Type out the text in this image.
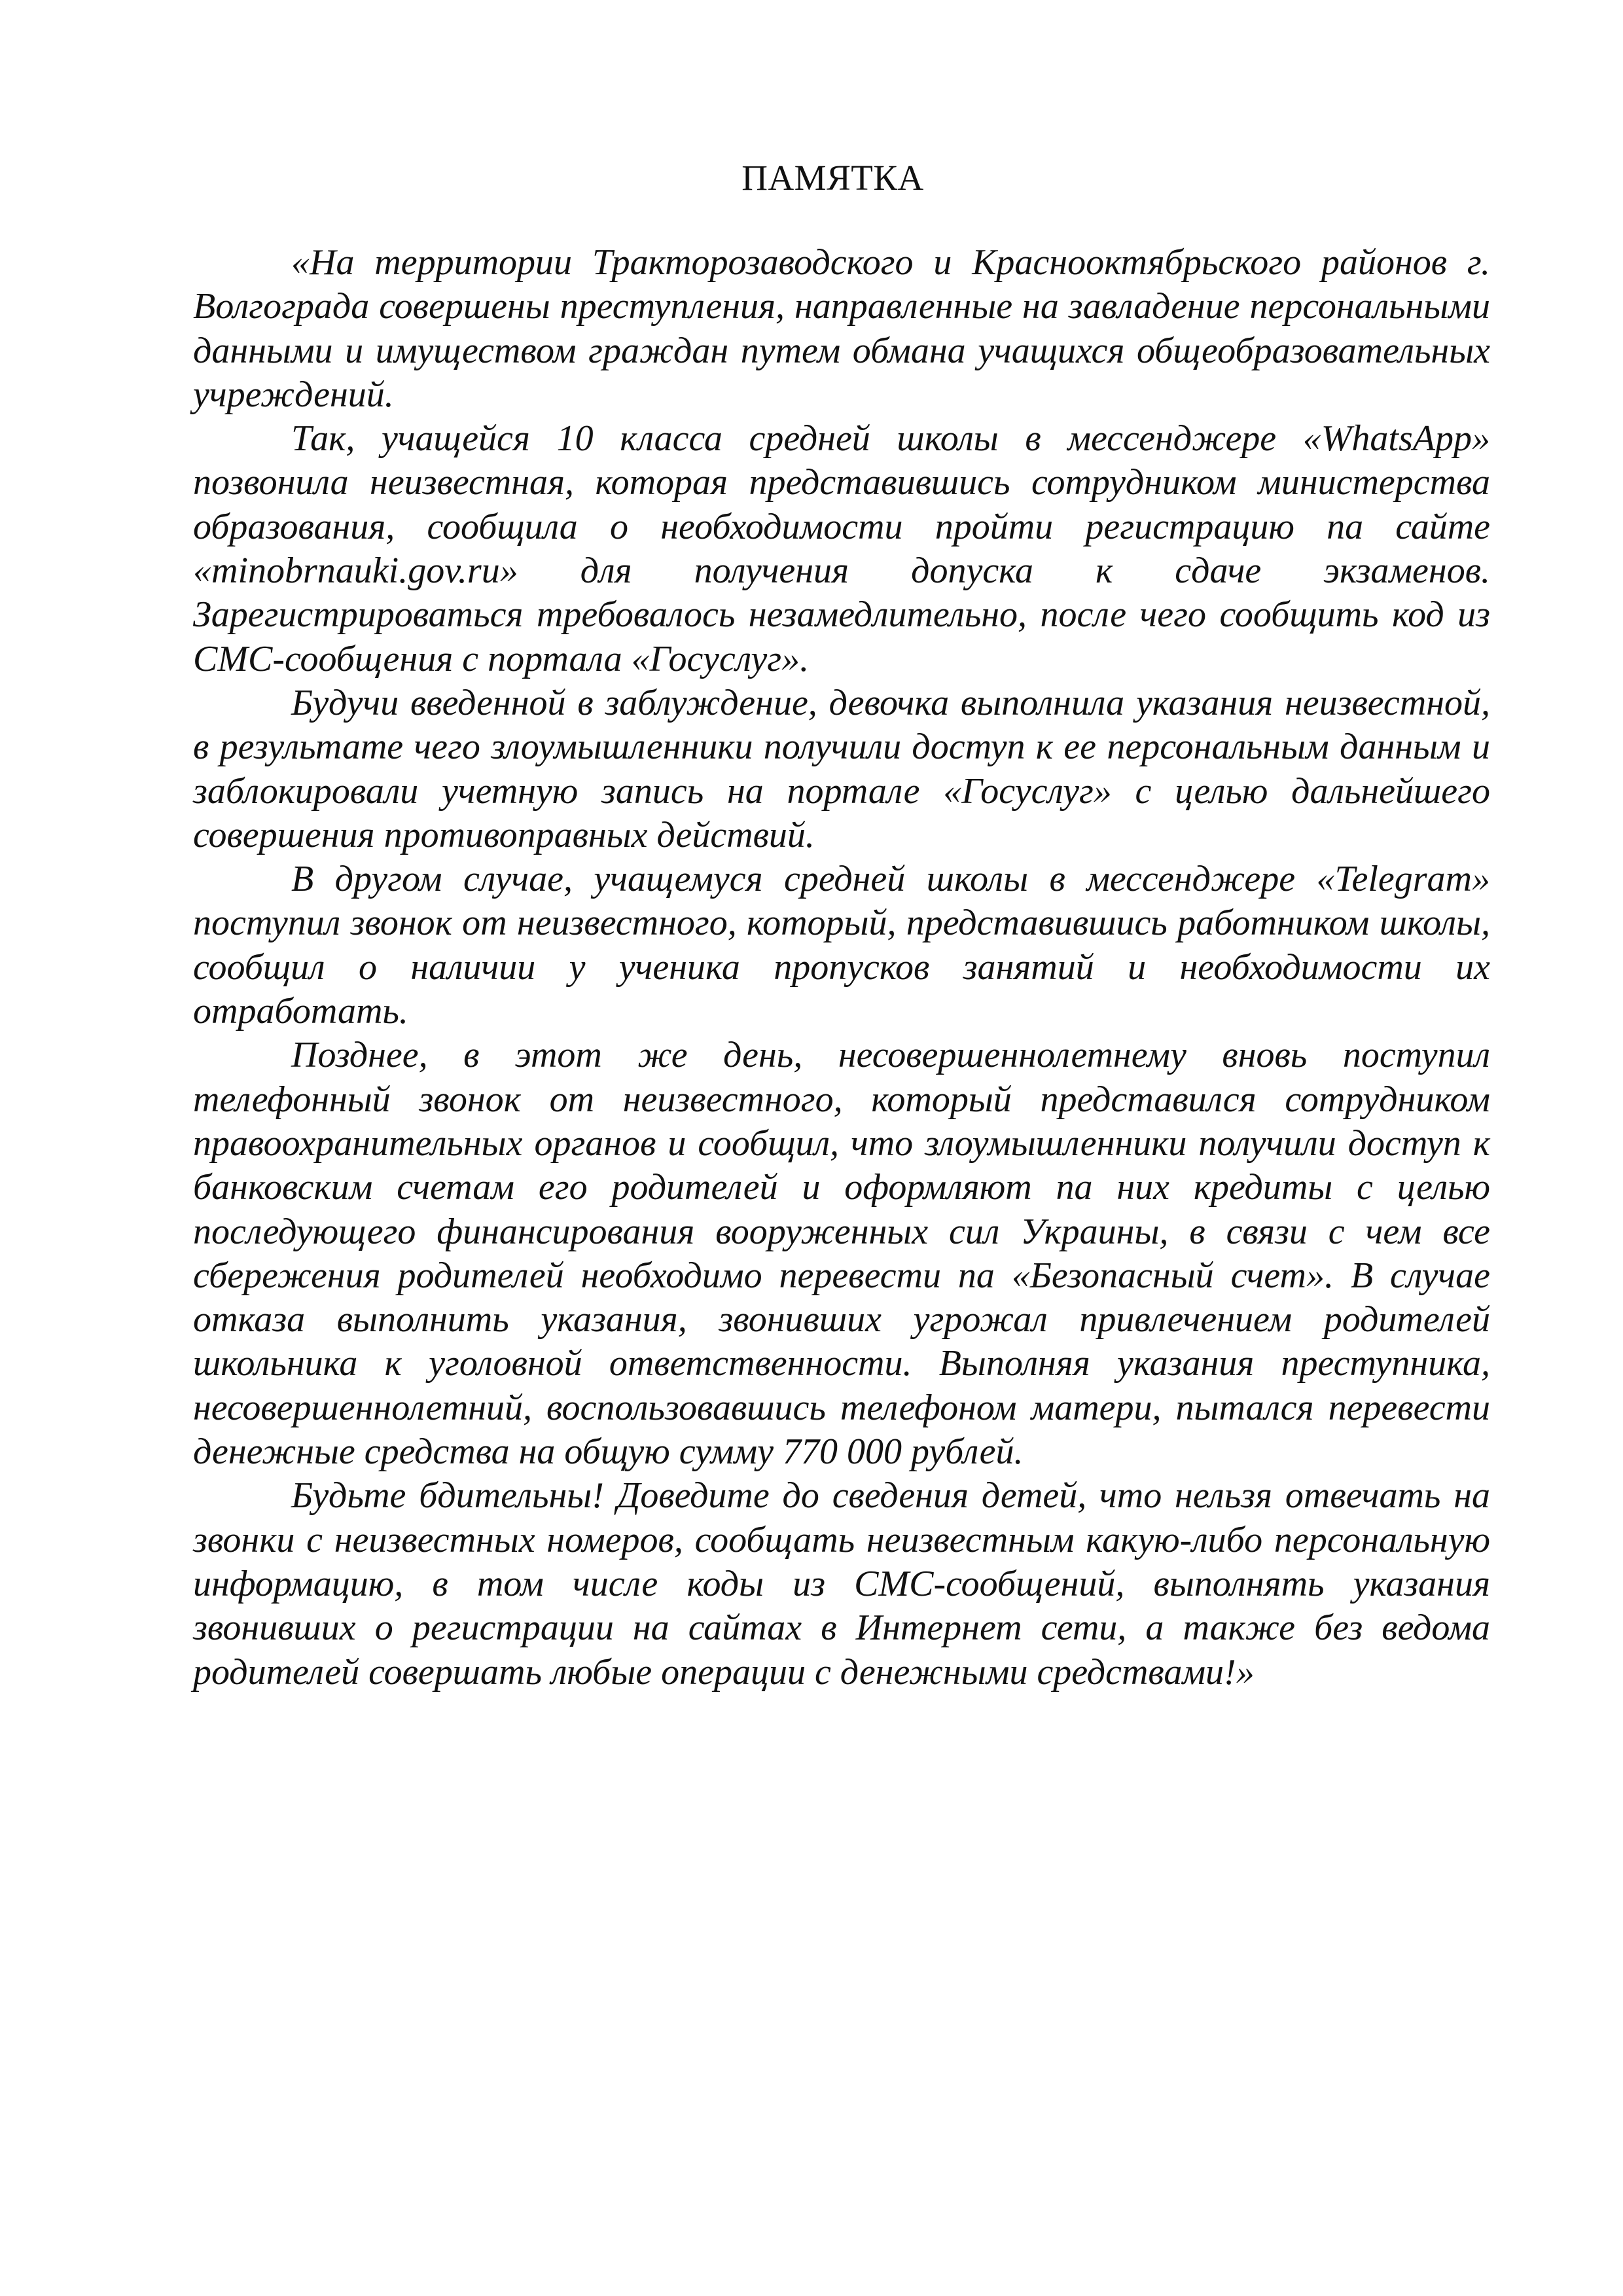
ПАМЯТКА

«На территории Тракторозаводского и Краснооктябрьского районов г. Волгограда совершены преступления, направленные на завладение персональными данными и имуществом граждан путем обмана учащихся общеобразовательных учреждений.

Так, учащейся 10 класса средней школы в мессенджере «WhatsApp» позвонила неизвестная, которая представившись сотрудником министерства образования, сообщила о необходимости пройти регистрацию па сайте «minobrnauki.gov.ru» для получения допуска к сдаче экзаменов. Зарегистрироваться требовалось незамедлительно, после чего сообщить код из СМС-сообщения с портала «Госуслуг».

Будучи введенной в заблуждение, девочка выполнила указания неизвестной, в результате чего злоумышленники получили доступ к ее персональным данным и заблокировали учетную запись на портале «Госуслуг» с целью дальнейшего совершения противоправных действий.

В другом случае, учащемуся средней школы в мессенджере «Telegram» поступил звонок от неизвестного, который, представившись работником школы, сообщил о наличии у ученика пропусков занятий и необходимости их отработать.

Позднее, в этот же день, несовершеннолетнему вновь поступил телефонный звонок от неизвестного, который представился сотрудником правоохранительных органов и сообщил, что злоумышленники получили доступ к банковским счетам его родителей и оформляют па них кредиты с целью последующего финансирования вооруженных сил Украины, в связи с чем все сбережения родителей необходимо перевести па «Безопасный счет». В случае отказа выполнить указания, звонивших угрожал привлечением родителей школьника к уголовной ответственности. Выполняя указания преступника, несовершеннолетний, воспользовавшись телефоном матери, пытался перевести денежные средства на общую сумму 770 000 рублей.

Будьте бдительны! Доведите до сведения детей, что нельзя отвечать на звонки с неизвестных номеров, сообщать неизвестным какую-либо персональную информацию, в том числе коды из СМС-сообщений, выполнять указания звонивших о регистрации на сайтах в Интернет сети, а также без ведома родителей совершать любые операции с денежными средствами!»
